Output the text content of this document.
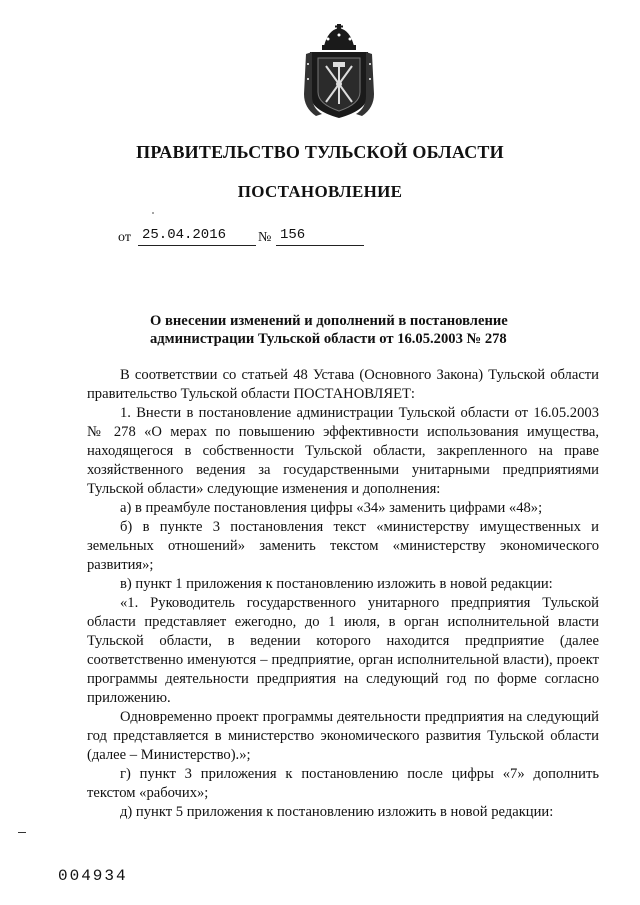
ПРАВИТЕЛЬСТВО ТУЛЬСКОЙ ОБЛАСТИ
ПОСТАНОВЛЕНИЕ
от 25.04.2016	№ 156
О внесении изменений и дополнений в постановление
администрации Тульской области от 16.05.2003 № 278

В соответствии со статьей 48 Устава (Основного Закона) Тульской области правительство Тульской области ПОСТАНОВЛЯЕТ:

1. Внести в постановление администрации Тульской области от 16.05.2003 № 278 «О мерах по повышению эффективности использования имущества, находящегося в собственности Тульской области, закрепленного на праве хозяйственного ведения за государственными унитарными предприятиями Тульской области» следующие изменения и дополнения:

а) в преамбуле постановления цифры «34» заменить цифрами «48»;

б) в пункте 3 постановления текст «министерству имущественных и земельных отношений» заменить текстом «министерству экономического развития»;

в) пункт 1 приложения к постановлению изложить в новой редакции:

«1. Руководитель государственного унитарного предприятия Тульской области представляет ежегодно, до 1 июля, в орган исполнительной власти Тульской области, в ведении которого находится предприятие (далее соответственно именуются – предприятие, орган исполнительной власти), проект программы деятельности предприятия на следующий год по форме согласно приложению.

Одновременно проект программы деятельности предприятия на следующий год представляется в министерство экономического развития Тульской области (далее – Министерство).»;

г) пункт 3 приложения к постановлению после цифры «7» дополнить текстом «рабочих»;

д) пункт 5 приложения к постановлению изложить в новой редакции:

004934
